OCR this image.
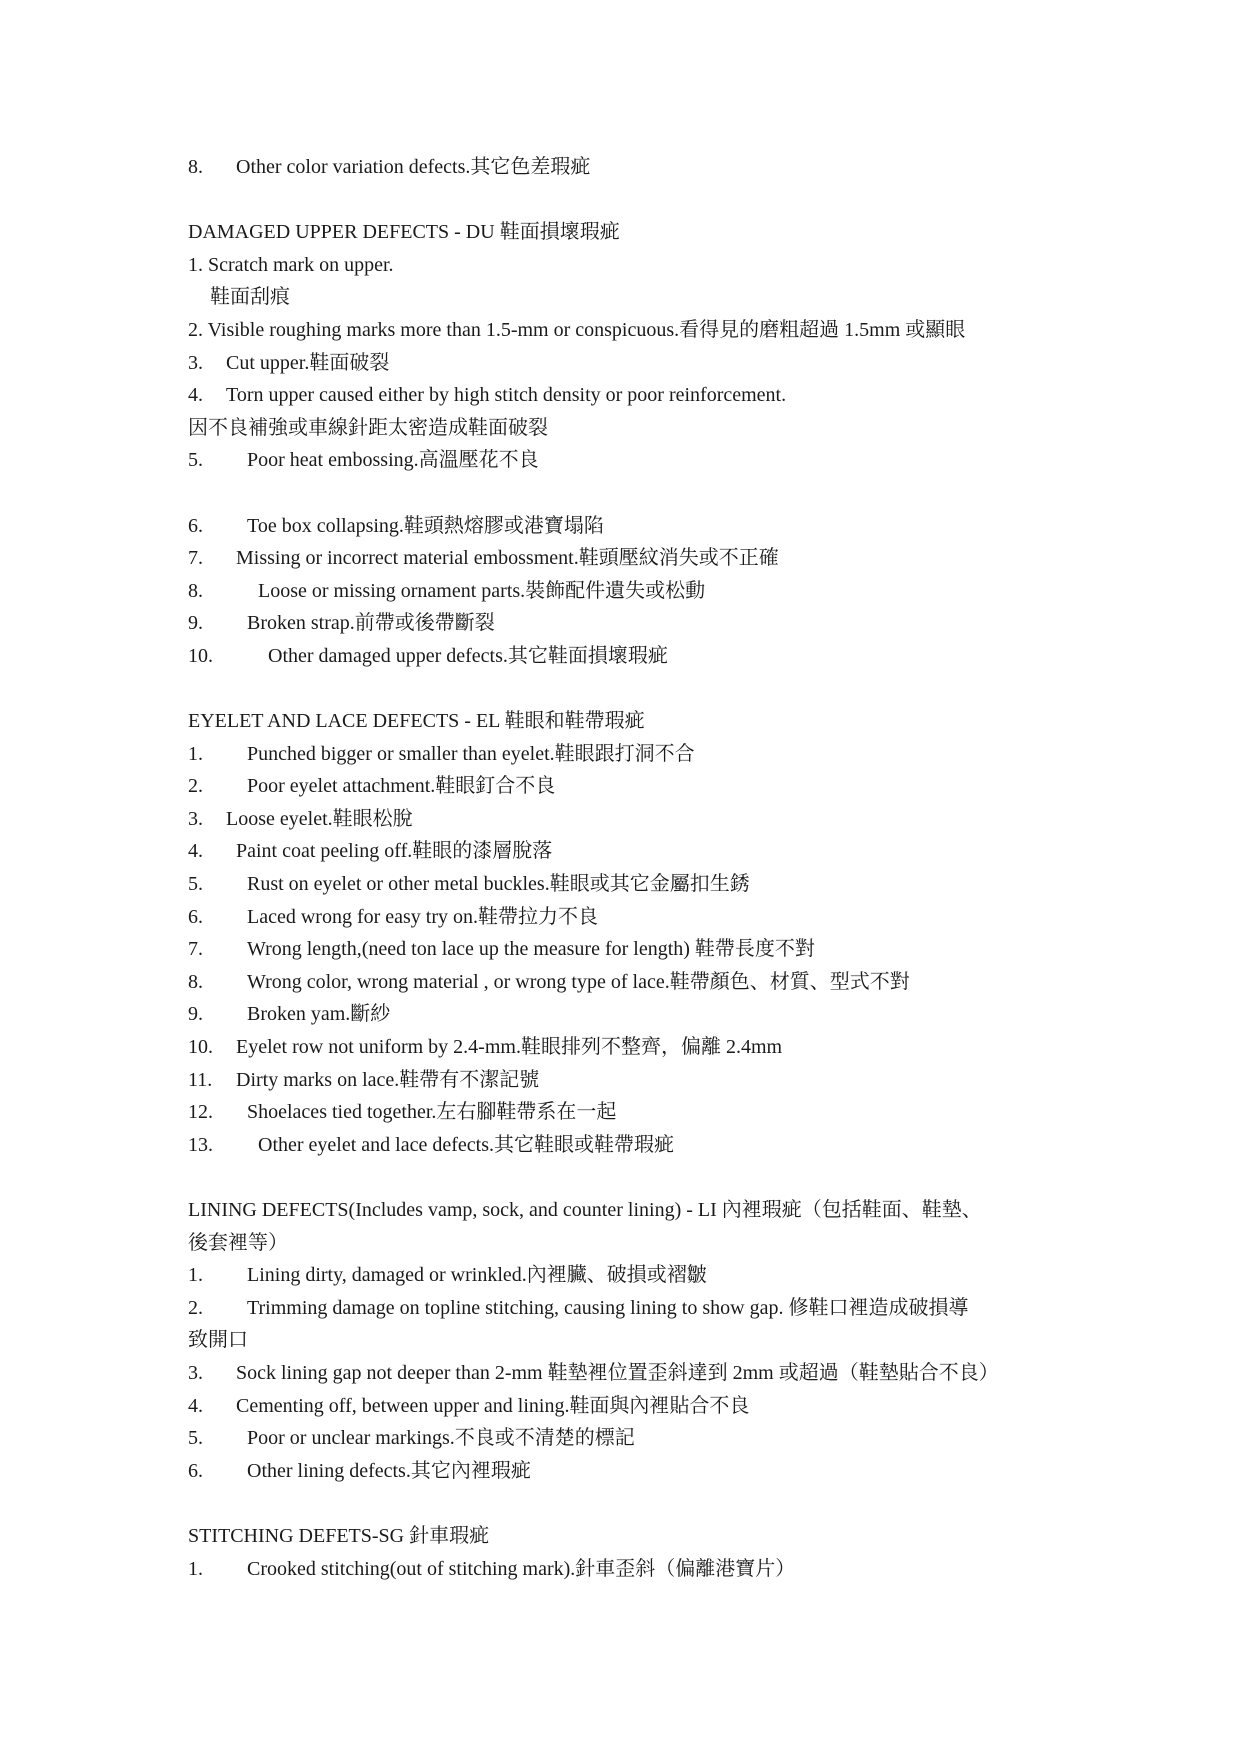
8. Other color variation defects.其它色差瑕疵
DAMAGED UPPER DEFECTS - DU 鞋面損壞瑕疵
1. Scratch mark on upper.
鞋面刮痕
2. Visible roughing marks more than 1.5-mm or conspicuous.看得見的磨粗超過 1.5mm 或顯眼
3. Cut upper.鞋面破裂
4. Torn upper caused either by high stitch density or poor reinforcement.
因不良補強或車線針距太密造成鞋面破裂
5. Poor heat embossing.高溫壓花不良
6. Toe box collapsing.鞋頭熱熔膠或港寶塌陷
7. Missing or incorrect material embossment.鞋頭壓紋消失或不正確
8.	Loose or missing ornament parts.裝飾配件遺失或松動
9. Broken strap.前帶或後帶斷裂
10.	Other damaged upper defects.其它鞋面損壞瑕疵
EYELET AND LACE DEFECTS - EL 鞋眼和鞋帶瑕疵
1. Punched bigger or smaller than eyelet.鞋眼跟打洞不合
2. Poor eyelet attachment.鞋眼釘合不良
3. Loose eyelet.鞋眼松脫
4. Paint coat peeling off.鞋眼的漆層脫落
5. Rust on eyelet or other metal buckles.鞋眼或其它金屬扣生銹
6. Laced wrong for easy try on.鞋帶拉力不良
7. Wrong length,(need ton lace up the measure for length) 鞋帶長度不對
8. Wrong color, wrong material , or wrong type of lace.鞋帶顏色、材質、型式不對
9. Broken yam.斷紗
10. Eyelet row not uniform by 2.4-mm.鞋眼排列不整齊，偏離 2.4mm
11. Dirty marks on lace.鞋帶有不潔記號
12. Shoelaces tied together.左右腳鞋帶系在一起
13. Other eyelet and lace defects.其它鞋眼或鞋帶瑕疵
LINING DEFECTS(Includes vamp, sock, and counter lining) - LI 內裡瑕疵（包括鞋面、鞋墊、
後套裡等）
1. Lining dirty, damaged or wrinkled.內裡臟、破損或褶皺
2. Trimming damage on topline stitching, causing lining to show gap. 修鞋口裡造成破損導
致開口
3. Sock lining gap not deeper than 2-mm 鞋墊裡位置歪斜達到 2mm 或超過（鞋墊貼合不良）
4. Cementing off, between upper and lining.鞋面與內裡貼合不良
5. Poor or unclear markings.不良或不清楚的標記
6. Other lining defects.其它內裡瑕疵
STITCHING DEFETS-SG 針車瑕疵
1. Crooked stitching(out of stitching mark).針車歪斜（偏離港寶片）
